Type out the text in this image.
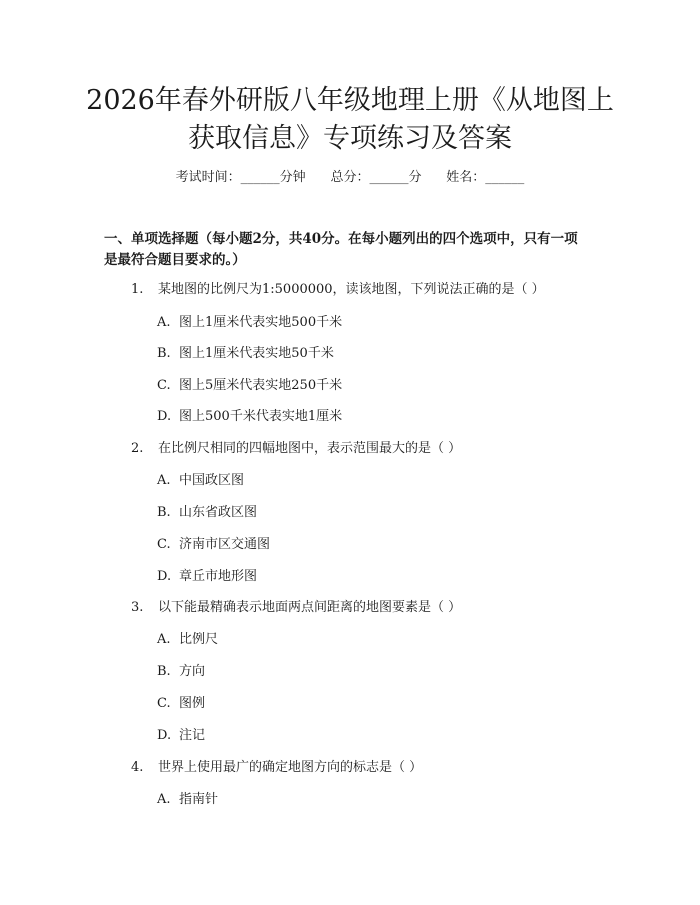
2026年春外研版八年级地理上册《从地图上
获取信息》专项练习及答案
考试时间：______分钟 总分：______分 姓名：______
一、单项选择题（每小题2分，共40分。在每小题列出的四个选项中，只有一项
是最符合题目要求的。）
1. 某地图的比例尺为1:5000000，读该地图，下列说法正确的是（ ）
A. 图上1厘米代表实地500千米
B. 图上1厘米代表实地50千米
C. 图上5厘米代表实地250千米
D. 图上500千米代表实地1厘米
2. 在比例尺相同的四幅地图中，表示范围最大的是（ ）
A. 中国政区图
B. 山东省政区图
C. 济南市区交通图
D. 章丘市地形图
3. 以下能最精确表示地面两点间距离的地图要素是（ ）
A. 比例尺
B. 方向
C. 图例
D. 注记
4. 世界上使用最广的确定地图方向的标志是（ ）
A. 指南针
